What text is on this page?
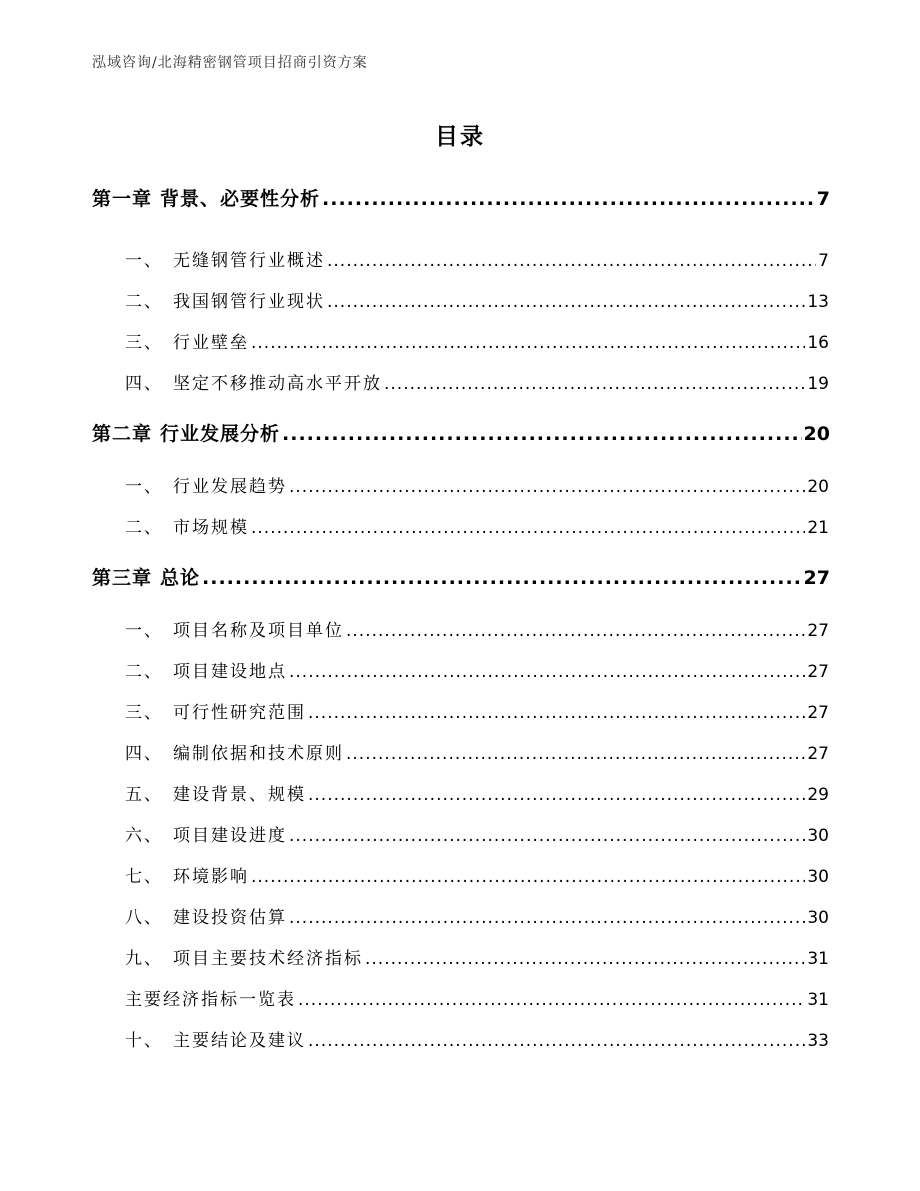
泓域咨询/北海精密钢管项目招商引资方案
目录
第一章 背景、必要性分析 .....	7
一、 无缝钢管行业概述 .....	7
二、 我国钢管行业现状 .....	13
三、 行业壁垒 .....	16
四、 坚定不移推动高水平开放 .....	19
第二章 行业发展分析 .....	20
一、 行业发展趋势 .....	20
二、 市场规模 .....	21
第三章 总论 .....	27
一、 项目名称及项目单位 .....	27
二、 项目建设地点 .....	27
三、 可行性研究范围 .....	27
四、 编制依据和技术原则 .....	27
五、 建设背景、规模 .....	29
六、 项目建设进度 .....	30
七、 环境影响 .....	30
八、 建设投资估算 .....	30
九、 项目主要技术经济指标 .....	31
主要经济指标一览表 .....	31
十、 主要结论及建议 .....	33
